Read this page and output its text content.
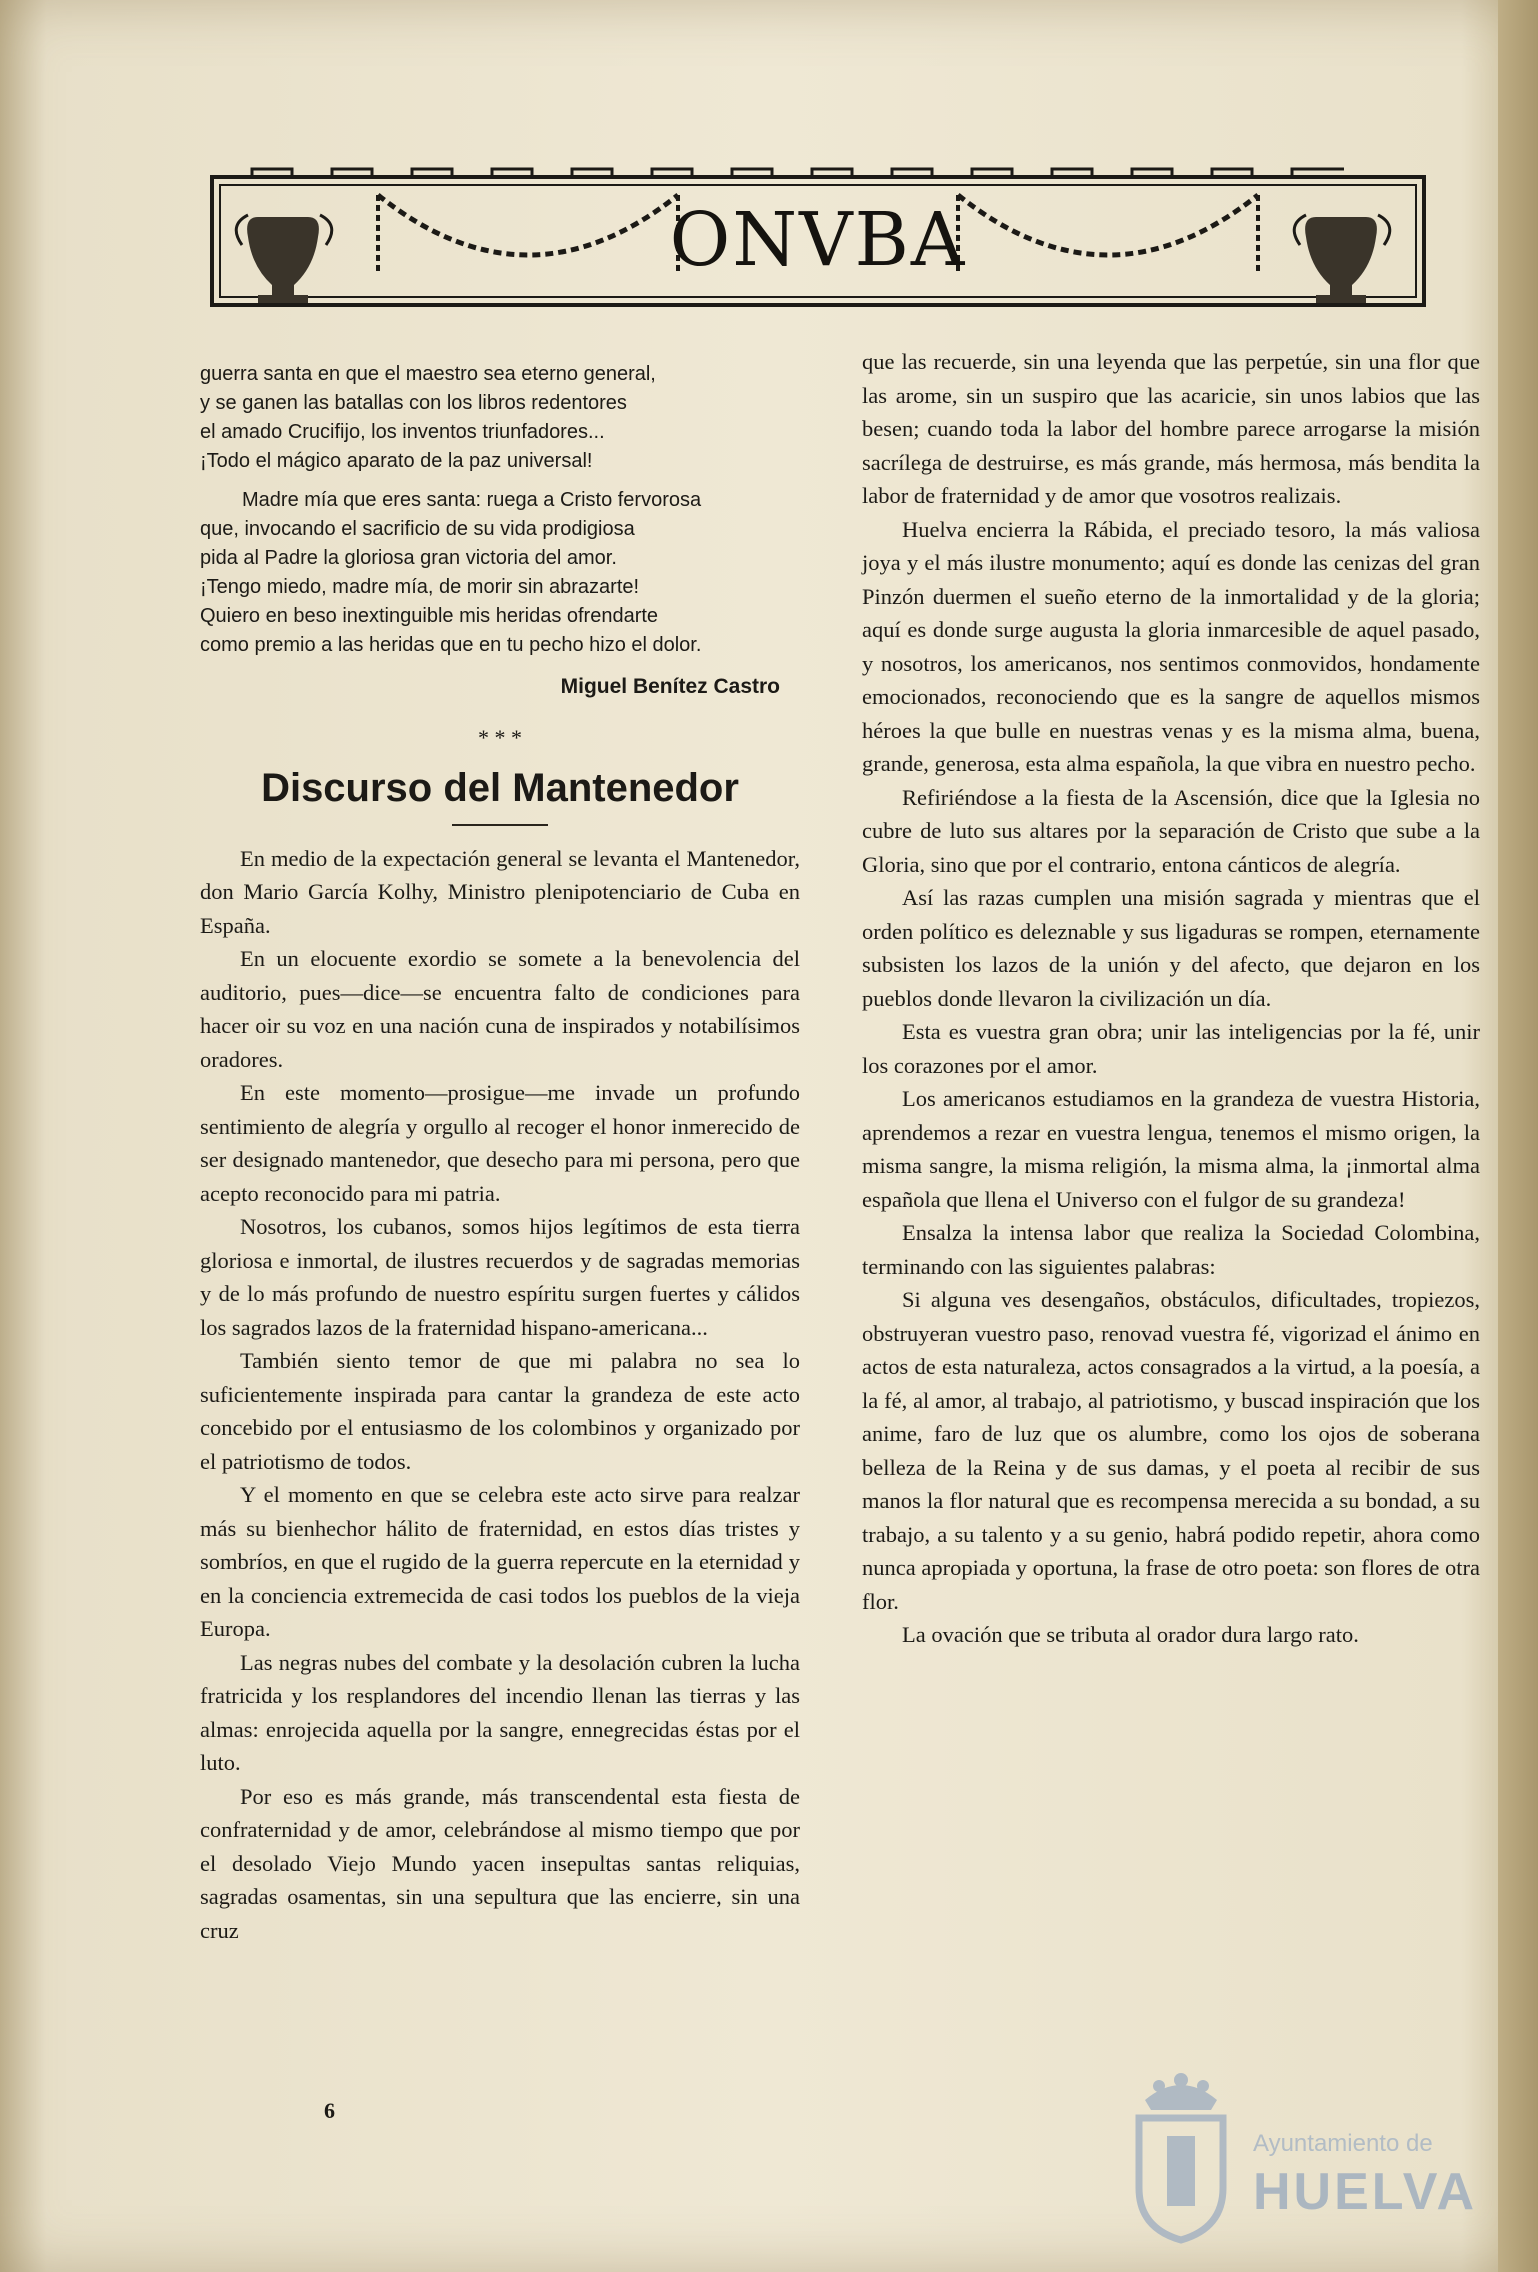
ONVBA

guerra santa en que el maestro sea eterno general,

y se ganen las batallas con los libros redentores

el amado Crucifijo, los inventos triunfadores...

¡Todo el mágico aparato de la paz universal!

Madre mía que eres santa: ruega a Cristo fervorosa

que, invocando el sacrificio de su vida prodigiosa

pida al Padre la gloriosa gran victoria del amor.

¡Tengo miedo, madre mía, de morir sin abrazarte!

Quiero en beso inextinguible mis heridas ofrendarte

como premio a las heridas que en tu pecho hizo el dolor.

Miguel Benítez Castro
* * *
Discurso del Mantenedor

En medio de la expectación general se levanta el Mantenedor, don Mario García Kolhy, Ministro plenipotenciario de Cuba en España.

En un elocuente exordio se somete a la benevolencia del auditorio, pues—dice—se encuentra falto de condiciones para hacer oir su voz en una nación cuna de inspirados y notabilísimos oradores.

En este momento—prosigue—me invade un profundo sentimiento de alegría y orgullo al recoger el honor inmerecido de ser designado mantenedor, que desecho para mi persona, pero que acepto reconocido para mi patria.

Nosotros, los cubanos, somos hijos legítimos de esta tierra gloriosa e inmortal, de ilustres recuerdos y de sagradas memorias y de lo más profundo de nuestro espíritu surgen fuertes y cálidos los sagrados lazos de la fraternidad hispano-americana...

También siento temor de que mi palabra no sea lo suficientemente inspirada para cantar la grandeza de este acto concebido por el entusiasmo de los colombinos y organizado por el patriotismo de todos.

Y el momento en que se celebra este acto sirve para realzar más su bienhechor hálito de fraternidad, en estos días tristes y sombríos, en que el rugido de la guerra repercute en la eternidad y en la conciencia extremecida de casi todos los pueblos de la vieja Europa.

Las negras nubes del combate y la desolación cubren la lucha fratricida y los resplandores del incendio llenan las tierras y las almas: enrojecida aquella por la sangre, ennegrecidas éstas por el luto.

Por eso es más grande, más transcendental esta fiesta de confraternidad y de amor, celebrándose al mismo tiempo que por el desolado Viejo Mundo yacen insepultas santas reliquias, sagradas osamentas, sin una sepultura que las encierre, sin una cruz

que las recuerde, sin una leyenda que las perpetúe, sin una flor que las arome, sin un suspiro que las acaricie, sin unos labios que las besen; cuando toda la labor del hombre parece arrogarse la misión sacrílega de destruirse, es más grande, más hermosa, más bendita la labor de fraternidad y de amor que vosotros realizais.

Huelva encierra la Rábida, el preciado tesoro, la más valiosa joya y el más ilustre monumento; aquí es donde las cenizas del gran Pinzón duermen el sueño eterno de la inmortalidad y de la gloria; aquí es donde surge augusta la gloria inmarcesible de aquel pasado, y nosotros, los americanos, nos sentimos conmovidos, hondamente emocionados, reconociendo que es la sangre de aquellos mismos héroes la que bulle en nuestras venas y es la misma alma, buena, grande, generosa, esta alma española, la que vibra en nuestro pecho.

Refiriéndose a la fiesta de la Ascensión, dice que la Iglesia no cubre de luto sus altares por la separación de Cristo que sube a la Gloria, sino que por el contrario, entona cánticos de alegría.

Así las razas cumplen una misión sagrada y mientras que el orden político es deleznable y sus ligaduras se rompen, eternamente subsisten los lazos de la unión y del afecto, que dejaron en los pueblos donde llevaron la civilización un día.

Esta es vuestra gran obra; unir las inteligencias por la fé, unir los corazones por el amor.

Los americanos estudiamos en la grandeza de vuestra Historia, aprendemos a rezar en vuestra lengua, tenemos el mismo origen, la misma sangre, la misma religión, la misma alma, la ¡inmortal alma española que llena el Universo con el fulgor de su grandeza!

Ensalza la intensa labor que realiza la Sociedad Colombina, terminando con las siguientes palabras:

Si alguna ves desengaños, obstáculos, dificultades, tropiezos, obstruyeran vuestro paso, renovad vuestra fé, vigorizad el ánimo en actos de esta naturaleza, actos consagrados a la virtud, a la poesía, a la fé, al amor, al trabajo, al patriotismo, y buscad inspiración que los anime, faro de luz que os alumbre, como los ojos de soberana belleza de la Reina y de sus damas, y el poeta al recibir de sus manos la flor natural que es recompensa merecida a su bondad, a su trabajo, a su talento y a su genio, habrá podido repetir, ahora como nunca apropiada y oportuna, la frase de otro poeta: son flores de otra flor.

La ovación que se tributa al orador dura largo rato.

6
Ayuntamiento de
HUELVA
